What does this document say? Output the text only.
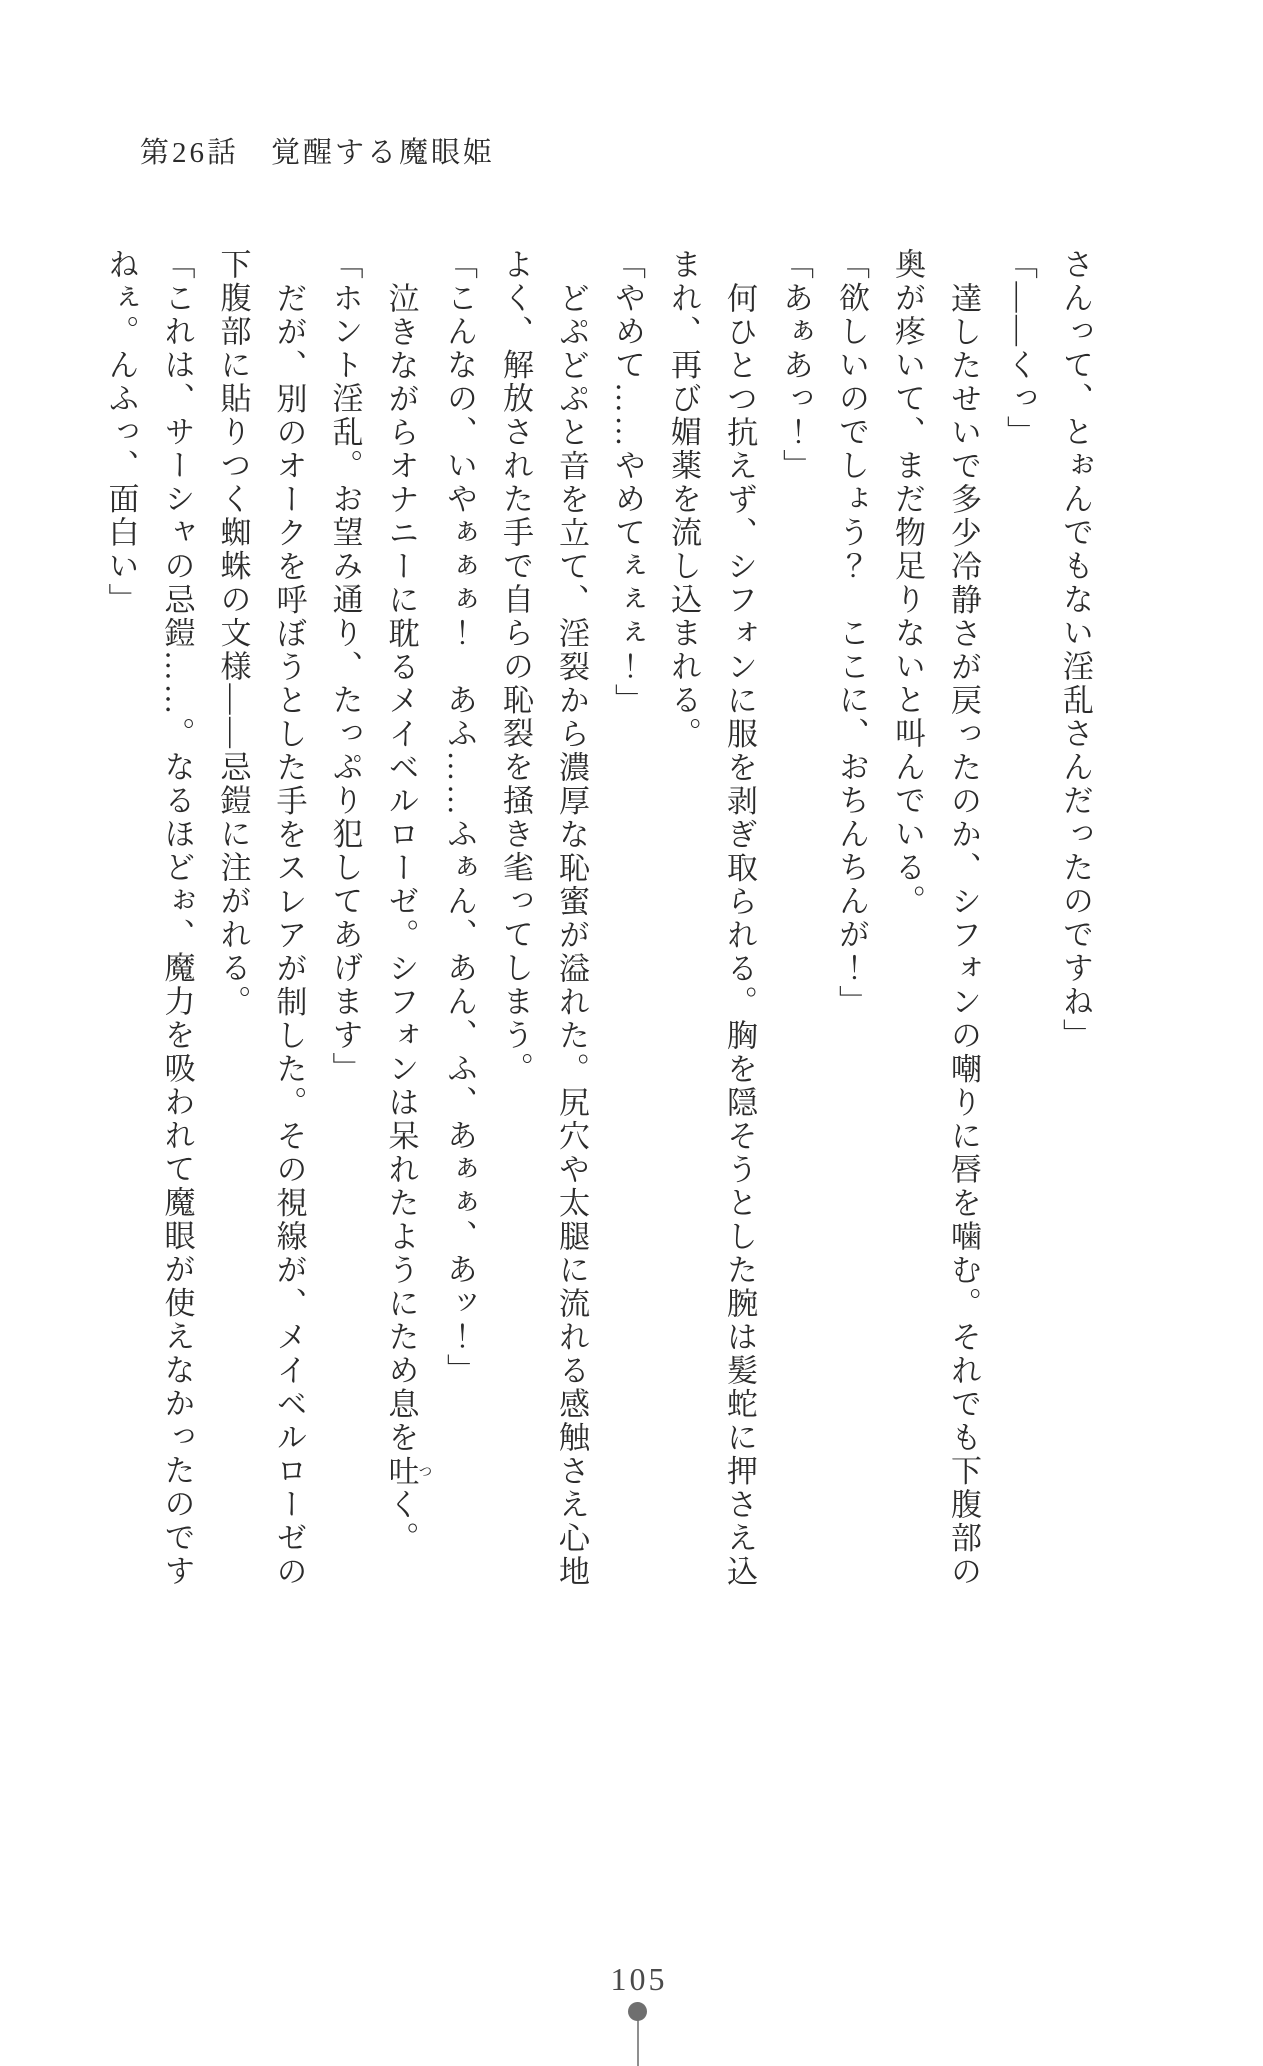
第26話　覚醒する魔眼姫

さんって、とぉんでもない淫乱さんだったのですね」

「——くっ」

達したせいで多少冷静さが戻ったのか、シフォンの嘲りに唇を噛む。それでも下腹部の

奥が疼いて、まだ物足りないと叫んでいる。

「欲しいのでしょう？　ここに、おちんちんが！」

「あぁあっ！」

何ひとつ抗えず、シフォンに服を剥ぎ取られる。胸を隠そうとした腕は髪蛇に押さえ込

まれ、再び媚薬を流し込まれる。

「やめて……やめてぇぇぇ！」

どぷどぷと音を立て、淫裂から濃厚な恥蜜が溢れた。尻穴や太腿に流れる感触さえ心地

よく、解放された手で自らの恥裂を掻き毟ってしまう。

「こんなの、いやぁぁぁ！　あふ……ふぁん、あん、ふ、あぁぁ、あッ！」

泣きながらオナニーに耽るメイベルローゼ。シフォンは呆れたようにため息を吐つく。

「ホント淫乱。お望み通り、たっぷり犯してあげます」

だが、別のオークを呼ぼうとした手をスレアが制した。その視線が、メイベルローゼの

下腹部に貼りつく蜘蛛の文様——忌鎧に注がれる。

「これは、サーシャの忌鎧……。なるほどぉ、魔力を吸われて魔眼が使えなかったのです

ねぇ。んふっ、面白い」

105
